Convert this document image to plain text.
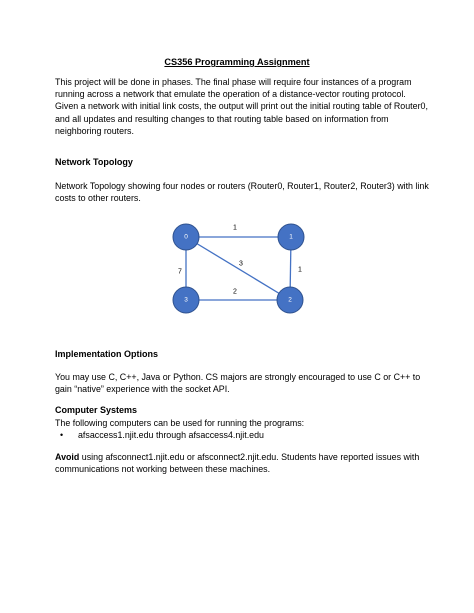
CS356 Programming Assignment
This project will be done in phases. The final phase will require four instances of a program running across a network that emulate the operation of a distance-vector routing protocol. Given a network with initial link costs, the output will print out the initial routing table of Router0, and all updates and resulting changes to that routing table based on information from neighboring routers.
Network Topology
Network Topology showing four nodes or routers (Router0, Router1, Router2, Router3) with link costs to other routers.
1
1
3
2
7
0	1
2
3
Implementation Options
You may use C, C++, Java or Python. CS majors are strongly encouraged to use C or C++ to gain “native” experience with the socket API.
Computer Systems
The following computers can be used for running the programs:
• afsaccess1.njit.edu through afsaccess4.njit.edu
Avoid using afsconnect1.njit.edu or afsconnect2.njit.edu. Students have reported issues with communications not working between these machines.
